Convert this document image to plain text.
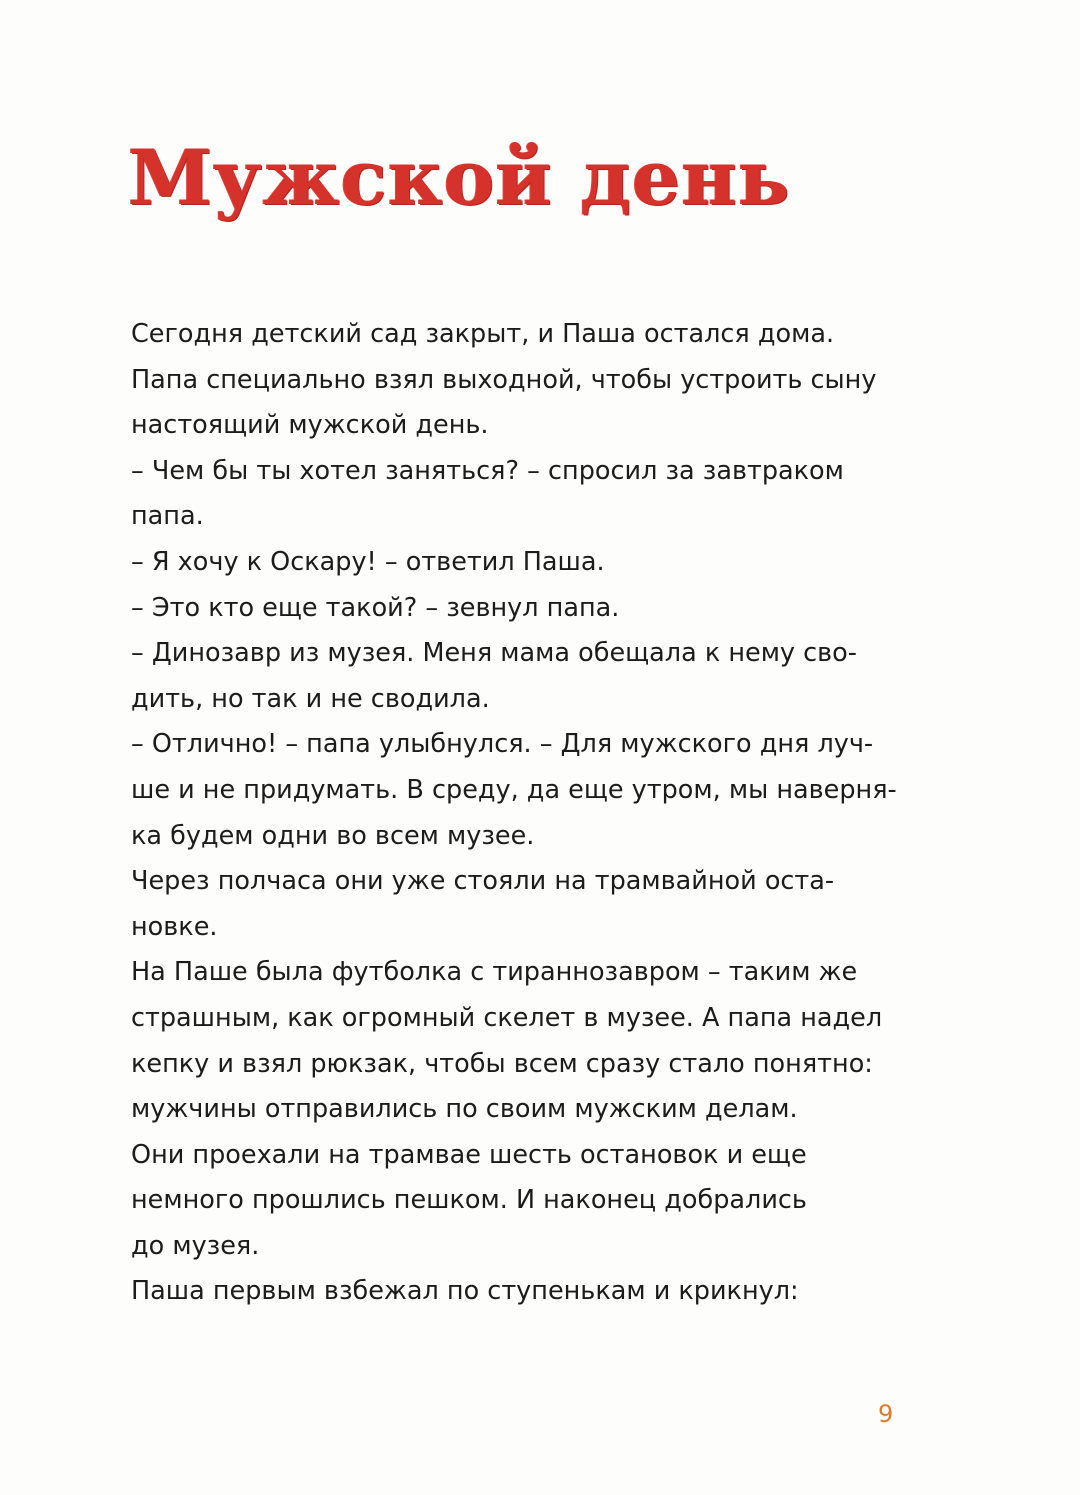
Мужской день
Сегодня детский сад закрыт, и Паша остался дома.
Папа специально взял выходной, чтобы устроить сыну
настоящий мужской день.
– Чем бы ты хотел заняться? – спросил за завтраком
папа.
– Я хочу к Оскару! – ответил Паша.
– Это кто еще такой? – зевнул папа.
– Динозавр из музея. Меня мама обещала к нему сво-
дить, но так и не сводила.
– Отлично! – папа улыбнулся. – Для мужского дня луч-
ше и не придумать. В среду, да еще утром, мы наверня-
ка будем одни во всем музее.
Через полчаса они уже стояли на трамвайной оста-
новке.
На Паше была футболка с тираннозавром – таким же
страшным, как огромный скелет в музее. А папа надел
кепку и взял рюкзак, чтобы всем сразу стало понятно:
мужчины отправились по своим мужским делам.
Они проехали на трамвае шесть остановок и еще
немного прошлись пешком. И наконец добрались
до музея.
Паша первым взбежал по ступенькам и крикнул:
9
